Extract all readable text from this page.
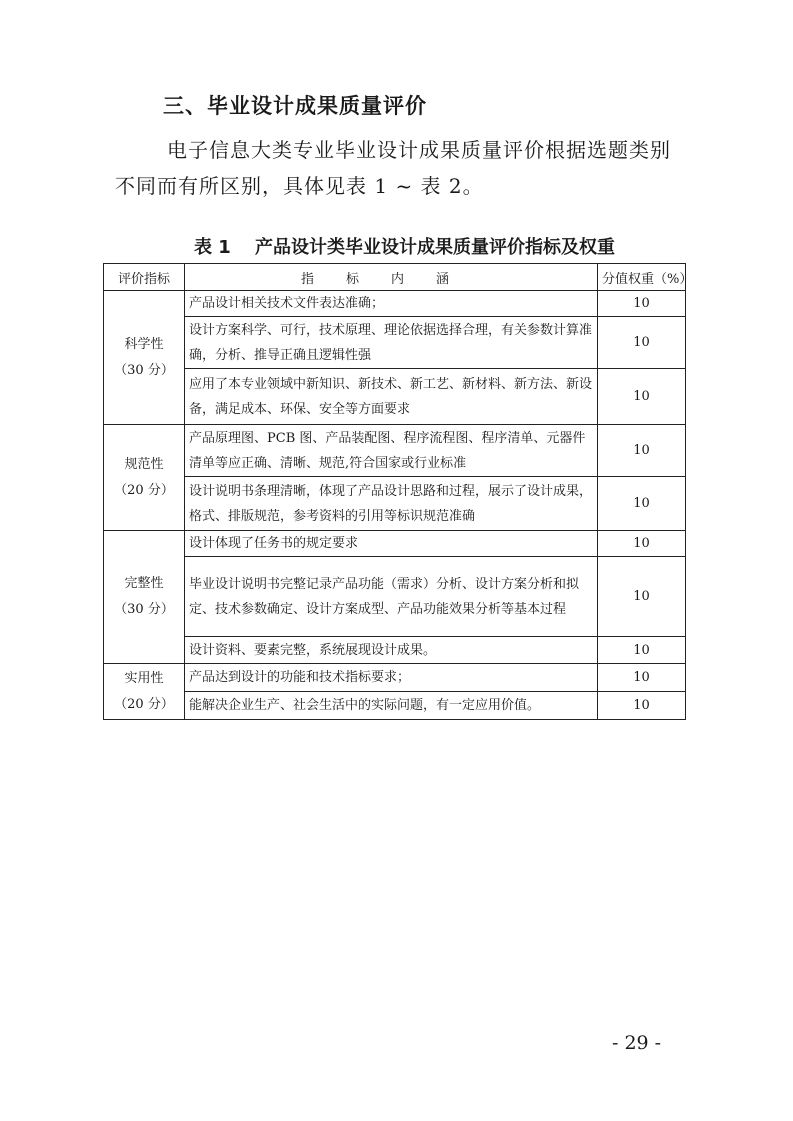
三、毕业设计成果质量评价
电子信息大类专业毕业设计成果质量评价根据选题类别不同而有所区别，具体见表 1 ~ 表 2。
表 1　 产品设计类毕业设计成果质量评价指标及权重
评价指标	指标内涵	分值权重（%）

科学性
（30 分）	产品设计相关技术文件表达准确；	10
	设计方案科学、可行，技术原理、理论依据选择合理，有关参数计算准确，分析、推导正确且逻辑性强	10
	应用了本专业领域中新知识、新技术、新工艺、新材料、新方法、新设备，满足成本、环保、安全等方面要求	10

规范性
（20 分）	产品原理图、PCB 图、产品装配图、程序流程图、程序清单、元器件清单等应正确、清晰、规范,符合国家或行业标准	10
	设计说明书条理清晰，体现了产品设计思路和过程，展示了设计成果，格式、排版规范，参考资料的引用等标识规范准确	10

完整性
（30 分）	设计体现了任务书的规定要求	10
	毕业设计说明书完整记录产品功能（需求）分析、设计方案分析和拟定、技术参数确定、设计方案成型、产品功能效果分析等基本过程	10
	设计资料、要素完整，系统展现设计成果。	10

实用性
（20 分）	产品达到设计的功能和技术指标要求；	10
	能解决企业生产、社会生活中的实际问题，有一定应用价值。	10
- 29 -
